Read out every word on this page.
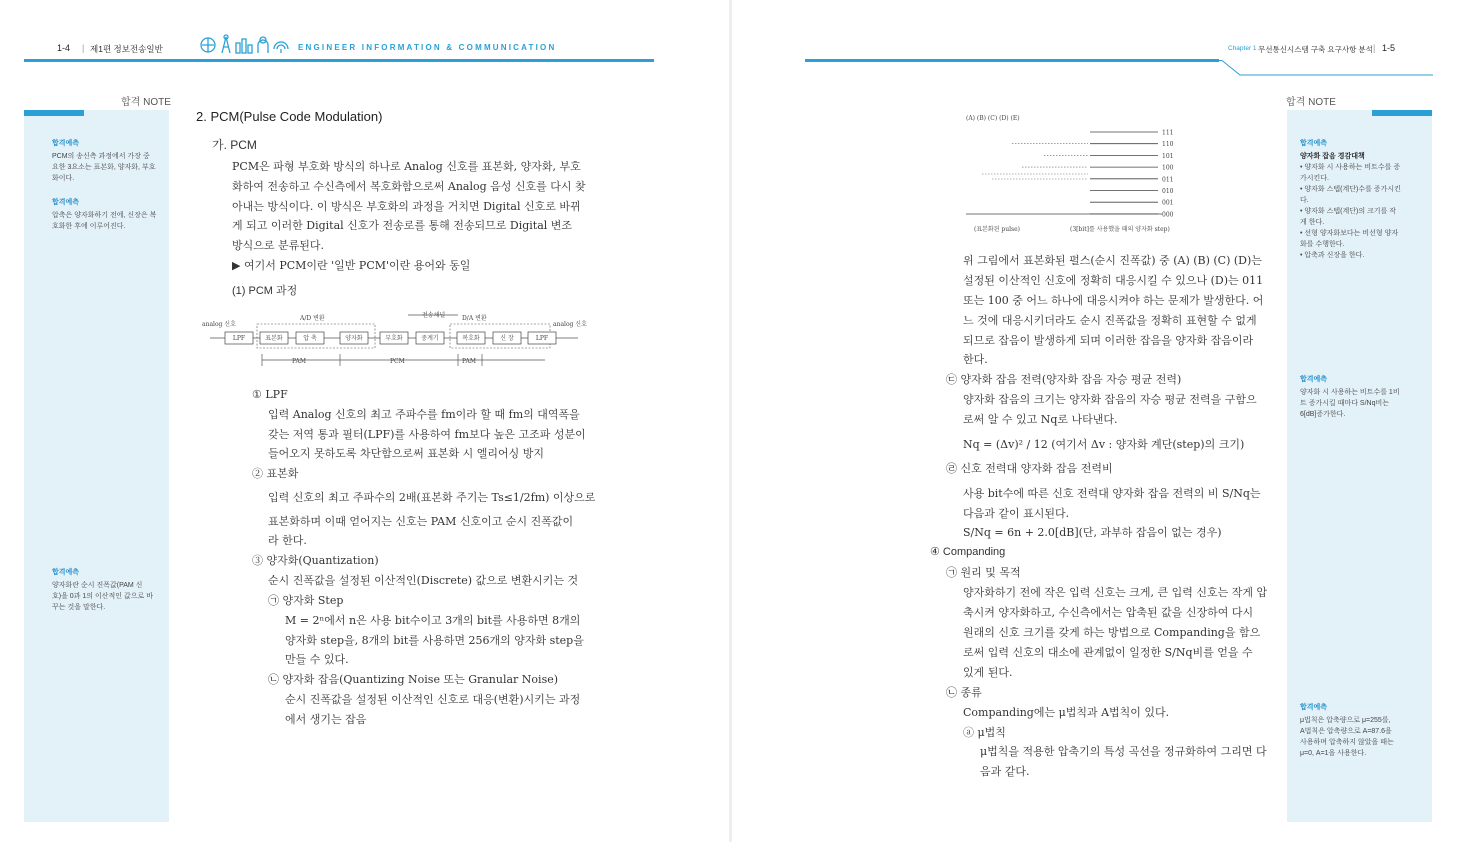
1-4 | 제1편 정보전송일반	ENGINEER INFORMATION & COMMUNICATION
합격 NOTE
합격예측
PCM의 송신측 과정에서 가장 중
요한 3요소는 표본화, 양자화, 부호
화이다.
합격예측
압축은 양자화하기 전에, 신장은 복
호화한 후에 이루어진다.
합격예측
양자화란 순시 진폭값(PAM 신
호)을 0과 1의 이산적인 값으로 바
꾸는 것을 말한다.
2. PCM(Pulse Code Modulation)
가. PCM
PCM은 파형 부호화 방식의 하나로 Analog 신호를 표본화, 양자화, 부호
화하여 전송하고 수신측에서 복호화함으로써 Analog 음성 신호를 다시 찾
아내는 방식이다. 이 방식은 부호화의 과정을 거치면 Digital 신호로 바뀌
게 되고 이러한 Digital 신호가 전송로를 통해 전송되므로 Digital 변조
방식으로 분류된다.
▶ 여기서 PCM이란 '일반 PCM'이란 용어와 동일
(1) PCM 과정
A/D 변환	전송채널	D/A 변환
analog 신호	analog 신호
LPF	표본화	압 축	양자화	부호화	중계기	복호화	신 장	LPF
PAM	PCM	PAM
① LPF
입력 Analog 신호의 최고 주파수를 fm이라 할 때 fm의 대역폭을
갖는 저역 통과 필터(LPF)를 사용하여 fm보다 높은 고조파 성분이
들어오지 못하도록 차단함으로써 표본화 시 엘리어싱 방지
② 표본화
입력 신호의 최고 주파수의 2배(표본화 주기는 Ts≤1/2fm) 이상으로
표본화하며 이때 얻어지는 신호는 PAM 신호이고 순시 진폭값이
라 한다.
③ 양자화(Quantization)
순시 진폭값을 설정된 이산적인(Discrete) 값으로 변환시키는 것
㉠ 양자화 Step
M = 2ⁿ에서 n은 사용 bit수이고 3개의 bit를 사용하면 8개의
양자화 step을, 8개의 bit를 사용하면 256개의 양자화 step을
만들 수 있다.
㉡ 양자화 잡음(Quantizing Noise 또는 Granular Noise)
순시 진폭값을 설정된 이산적인 신호로 대응(변환)시키는 과정
에서 생기는 잡음
Chapter 1 무선통신시스템 구축 요구사항 분석 | 1-5
합격 NOTE
합격예측
양자화 잡음 경감대책
• 양자화 시 사용하는 비트수를 증
가시킨다.
• 양자화 스텝(계단)수를 증가시킨
다.
• 양자화 스텝(계단)의 크기를 작
게 한다.
• 선형 양자화보다는 비선형 양자
화를 수행한다.
• 압축과 신장을 한다.
합격예측
양자화 시 사용하는 비트수를 1비
트 증가시킬 때마다 S/Nq비는
6[dB]증가한다.
합격예측
μ법칙은 압축량으로 μ=255를,
A법칙은 압축량으로 A=87.6을
사용하며 압축하지 않았을 때는
μ=0, A=1을 사용한다.
(A) (B) (C) (D) (E)
111
110
101
100
011
010
001
000
(표본화된 pulse)	(3[bit]를 사용했을 때의 양자화 step)
위 그림에서 표본화된 펄스(순시 진폭값) 중 (A) (B) (C) (D)는
설정된 이산적인 신호에 정확히 대응시킬 수 있으나 (D)는 011
또는 100 중 어느 하나에 대응시켜야 하는 문제가 발생한다. 어
느 것에 대응시키더라도 순시 진폭값을 정확히 표현할 수 없게
되므로 잡음이 발생하게 되며 이러한 잡음을 양자화 잡음이라
한다.
㉢ 양자화 잡음 전력(양자화 잡음 자승 평균 전력)
양자화 잡음의 크기는 양자화 잡음의 자승 평균 전력을 구함으
로써 알 수 있고 Nq로 나타낸다.
Nq = (Δv)² / 12 (여기서 Δv : 양자화 계단(step)의 크기)
㉣ 신호 전력대 양자화 잡음 전력비
사용 bit수에 따른 신호 전력대 양자화 잡음 전력의 비 S/Nq는
다음과 같이 표시된다.
S/Nq = 6n + 2.0[dB](단, 과부하 잡음이 없는 경우)
④ Companding
㉠ 원리 및 목적
양자화하기 전에 작은 입력 신호는 크게, 큰 입력 신호는 작게 압
축시켜 양자화하고, 수신측에서는 압축된 값을 신장하여 다시
원래의 신호 크기를 갖게 하는 방법으로 Companding을 함으
로써 입력 신호의 대소에 관계없이 일정한 S/Nq비를 얻을 수
있게 된다.
㉡ 종류
Companding에는 μ법칙과 A법칙이 있다.
ⓐ μ법칙
μ법칙을 적용한 압축기의 특성 곡선을 정규화하여 그리면 다
음과 같다.
